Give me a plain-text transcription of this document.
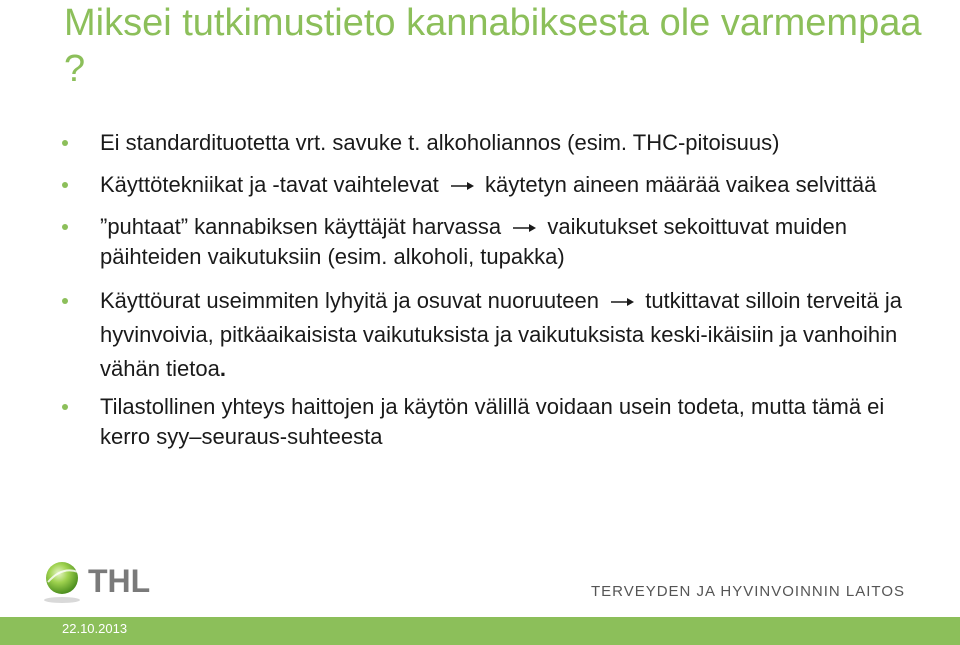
Miksei tutkimustieto kannabiksesta ole varmempaa ?
Ei standardituotetta vrt. savuke t. alkoholiannos (esim. THC-pitoisuus)
Käyttötekniikat ja -tavat vaihtelevat käytetyn aineen määrää vaikea selvittää
”puhtaat” kannabiksen käyttäjät harvassa vaikutukset sekoittuvat muiden päihteiden vaikutuksiin (esim. alkoholi, tupakka)
Käyttöurat useimmiten lyhyitä ja osuvat nuoruuteen tutkittavat silloin terveitä ja hyvinvoivia, pitkäaikaisista vaikutuksista ja vaikutuksista keski-ikäisiin ja vanhoihin vähän tietoa.
Tilastollinen yhteys haittojen ja käytön välillä voidaan usein todeta, mutta tämä ei kerro syy–seuraus-suhteesta
THL	TERVEYDEN JA HYVINVOINNIN LAITOS
22.10.2013
